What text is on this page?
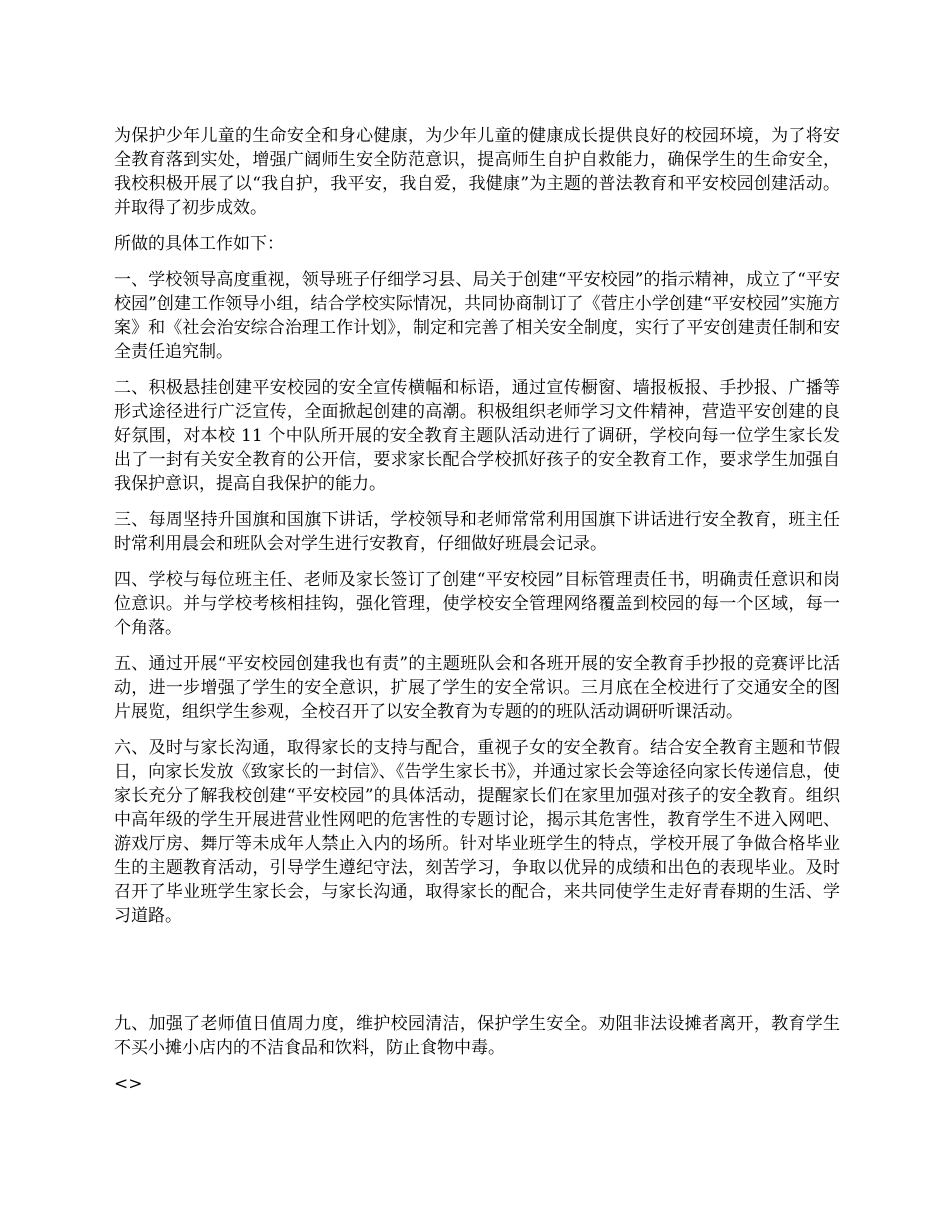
为保护少年儿童的生命安全和身心健康，为少年儿童的健康成长提供良好的校园环境，为了将安全教育落到实处，增强广阔师生安全防范意识，提高师生自护自救能力，确保学生的生命安全，我校积极开展了以“我自护，我平安，我自爱，我健康”为主题的普法教育和平安校园创建活动。并取得了初步成效。

所做的具体工作如下：

一、学校领导高度重视，领导班子仔细学习县、局关于创建“平安校园”的指示精神，成立了“平安校园”创建工作领导小组，结合学校实际情况，共同协商制订了《菅庄小学创建“平安校园”实施方案》和《社会治安综合治理工作计划》，制定和完善了相关安全制度，实行了平安创建责任制和安全责任追究制。

二、积极悬挂创建平安校园的安全宣传横幅和标语，通过宣传橱窗、墙报板报、手抄报、广播等形式途径进行广泛宣传，全面掀起创建的高潮。积极组织老师学习文件精神，营造平安创建的良好氛围，对本校 11 个中队所开展的安全教育主题队活动进行了调研，学校向每一位学生家长发出了一封有关安全教育的公开信，要求家长配合学校抓好孩子的安全教育工作，要求学生加强自我保护意识，提高自我保护的能力。

三、每周坚持升国旗和国旗下讲话，学校领导和老师常常利用国旗下讲话进行安全教育，班主任时常利用晨会和班队会对学生进行安教育，仔细做好班晨会记录。

四、学校与每位班主任、老师及家长签订了创建“平安校园”目标管理责任书，明确责任意识和岗位意识。并与学校考核相挂钩，强化管理，使学校安全管理网络覆盖到校园的每一个区域，每一个角落。

五、通过开展“平安校园创建我也有责”的主题班队会和各班开展的安全教育手抄报的竞赛评比活动，进一步增强了学生的安全意识，扩展了学生的安全常识。三月底在全校进行了交通安全的图片展览，组织学生参观，全校召开了以安全教育为专题的的班队活动调研听课活动。

六、及时与家长沟通，取得家长的支持与配合，重视子女的安全教育。结合安全教育主题和节假日，向家长发放《致家长的一封信》、《告学生家长书》，并通过家长会等途径向家长传递信息，使家长充分了解我校创建“平安校园”的具体活动，提醒家长们在家里加强对孩子的安全教育。组织中高年级的学生开展进营业性网吧的危害性的专题讨论，揭示其危害性，教育学生不进入网吧、游戏厅房、舞厅等未成年人禁止入内的场所。针对毕业班学生的特点，学校开展了争做合格毕业生的主题教育活动，引导学生遵纪守法，刻苦学习，争取以优异的成绩和出色的表现毕业。及时召开了毕业班学生家长会，与家长沟通，取得家长的配合，来共同使学生走好青春期的生活、学习道路。

九、加强了老师值日值周力度，维护校园清洁，保护学生安全。劝阻非法设摊者离开，教育学生不买小摊小店内的不洁食品和饮料，防止食物中毒。

<>
